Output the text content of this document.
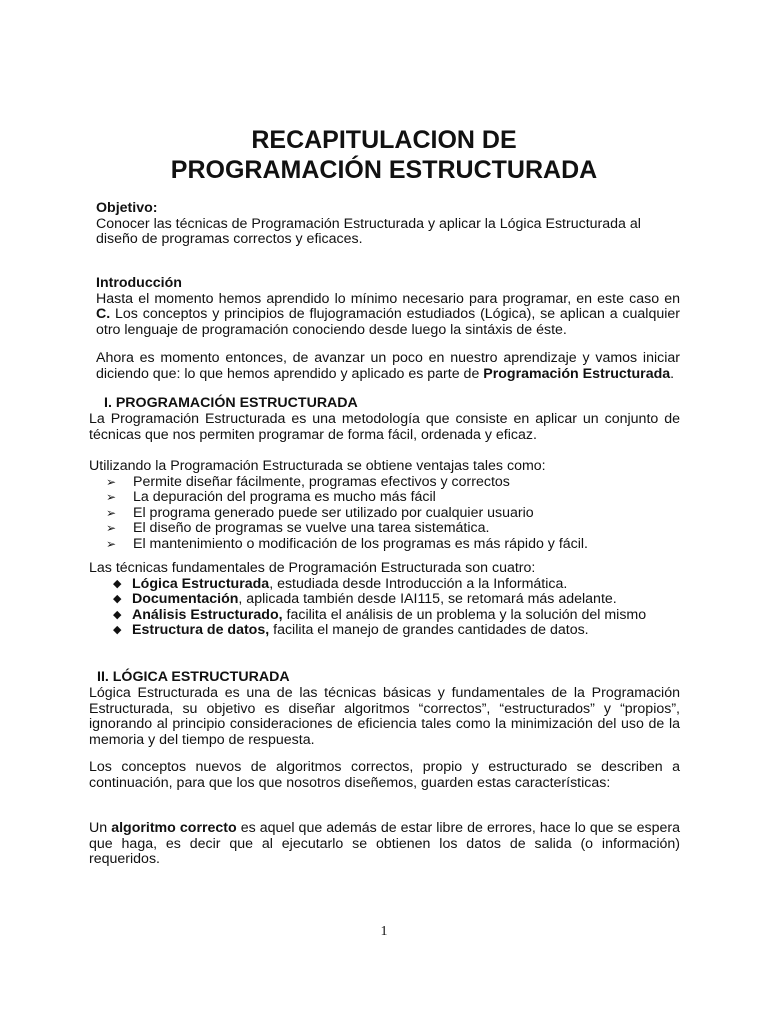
RECAPITULACION DE
PROGRAMACIÓN ESTRUCTURADA
Objetivo:

Conocer las técnicas de Programación Estructurada y aplicar la Lógica Estructurada al diseño de programas correctos y eficaces.

Introducción

Hasta el momento hemos aprendido lo mínimo necesario para programar, en este caso en C. Los conceptos y principios de flujogramación estudiados (Lógica), se aplican a cualquier otro lenguaje de programación conociendo desde luego la sintáxis de éste.

Ahora es momento entonces, de avanzar un poco en nuestro aprendizaje y vamos iniciar diciendo que: lo que hemos aprendido y aplicado es parte de Programación Estructurada.

I. PROGRAMACIÓN ESTRUCTURADA

La Programación Estructurada es una metodología que consiste en aplicar un conjunto de técnicas que nos permiten programar de forma fácil, ordenada y eficaz.

Utilizando la Programación Estructurada se obtiene ventajas tales como:

➢ Permite diseñar fácilmente, programas efectivos y correctos
➢ La depuración del programa es mucho más fácil
➢ El programa generado puede ser utilizado por cualquier usuario
➢ El diseño de programas se vuelve una tarea sistemática.
➢ El mantenimiento o modificación de los programas es más rápido y fácil.

Las técnicas fundamentales de Programación Estructurada son cuatro:

◆ Lógica Estructurada, estudiada desde Introducción a la Informática.
◆ Documentación, aplicada también desde IAI115, se retomará más adelante.
◆ Análisis Estructurado, facilita el análisis de un problema y la solución del mismo
◆ Estructura de datos, facilita el manejo de grandes cantidades de datos.
II. LÓGICA ESTRUCTURADA

Lógica Estructurada es una de las técnicas básicas y fundamentales de la Programación Estructurada, su objetivo es diseñar algoritmos “correctos”, “estructurados” y “propios”, ignorando al principio consideraciones de eficiencia tales como la minimización del uso de la memoria y del tiempo de respuesta.

Los conceptos nuevos de algoritmos correctos, propio y estructurado se describen a continuación, para que los que nosotros diseñemos, guarden estas características:

Un algoritmo correcto es aquel que además de estar libre de errores, hace lo que se espera que haga, es decir que al ejecutarlo se obtienen los datos de salida (o información) requeridos.

1
